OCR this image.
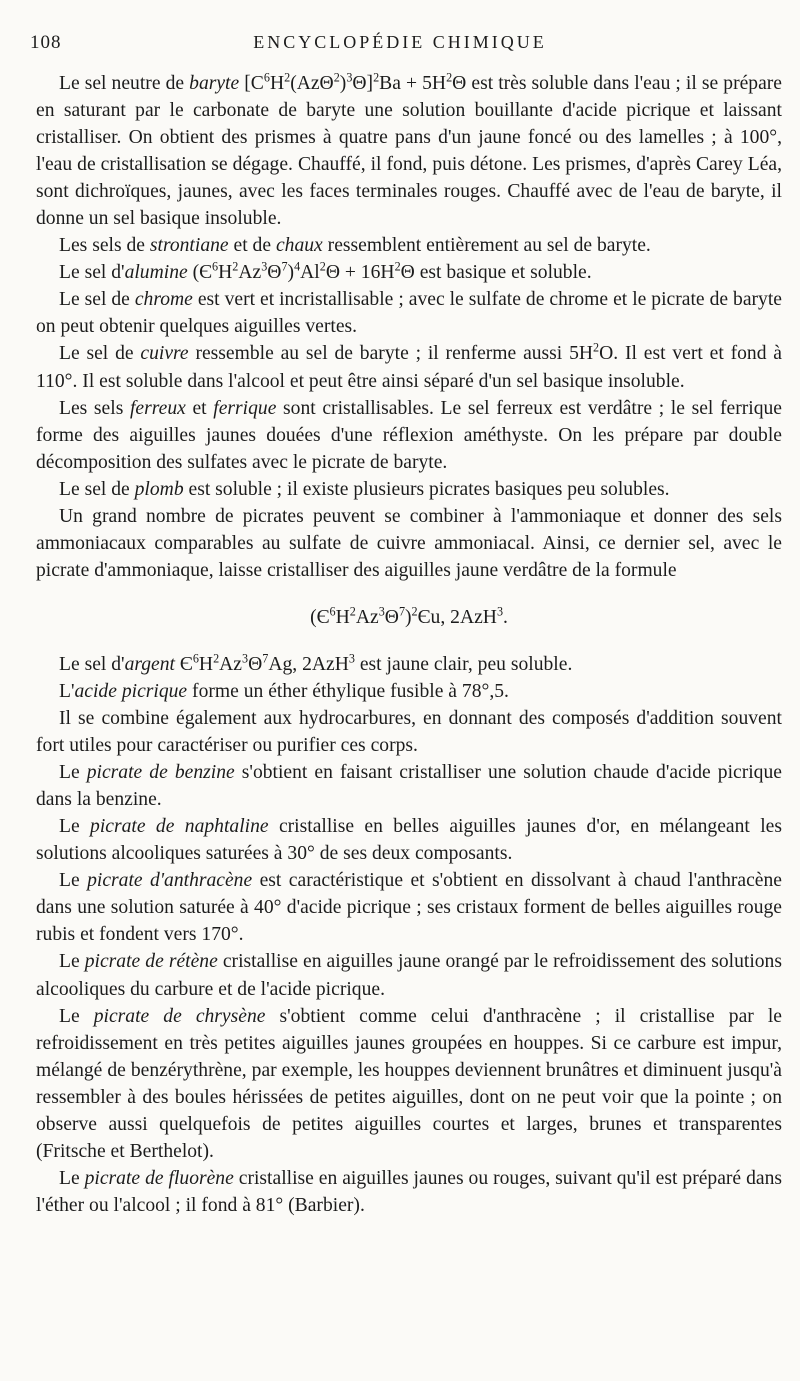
108	ENCYCLOPÉDIE CHIMIQUE

Le sel neutre de baryte $[C^6H^2(Az\Theta^2)^3\Theta]^2Ba + 5H^2\Theta$ est très soluble dans l'eau ; il se prépare en saturant par le carbonate de baryte une solution bouillante d'acide picrique et laissant cristalliser. On obtient des prismes à quatre pans d'un jaune foncé ou des lamelles ; à 100°, l'eau de cristallisation se dégage. Chauffé, il fond, puis détone. Les prismes, d'après Carey Léa, sont dichroïques, jaunes, avec les faces terminales rouges. Chauffé avec de l'eau de baryte, il donne un sel basique insoluble.

Les sels de strontiane et de chaux ressemblent entièrement au sel de baryte.

Le sel d'alumine $(Є^6H^2Az^3\Theta^7)^4Al^2\Theta + 16H^2\Theta$ est basique et soluble.

Le sel de chrome est vert et incristallisable ; avec le sulfate de chrome et le picrate de baryte on peut obtenir quelques aiguilles vertes.

Le sel de cuivre ressemble au sel de baryte ; il renferme aussi $5H^2O$. Il est vert et fond à 110°. Il est soluble dans l'alcool et peut être ainsi séparé d'un sel basique insoluble.

Les sels ferreux et ferrique sont cristallisables. Le sel ferreux est verdâtre ; le sel ferrique forme des aiguilles jaunes douées d'une réflexion améthyste. On les prépare par double décomposition des sulfates avec le picrate de baryte.

Le sel de plomb est soluble ; il existe plusieurs picrates basiques peu solubles.

Un grand nombre de picrates peuvent se combiner à l'ammoniaque et donner des sels ammoniacaux comparables au sulfate de cuivre ammoniacal. Ainsi, ce dernier sel, avec le picrate d'ammoniaque, laisse cristalliser des aiguilles jaune verdâtre de la formule

$(Є^6H^2Az^3\Theta^7)^2Єu$, 2AzH$^3$.

Le sel d'argent $Є^6H^2Az^3\Theta^7Ag$, 2AzH$^3$ est jaune clair, peu soluble.

L'acide picrique forme un éther éthylique fusible à 78°,5.

Il se combine également aux hydrocarbures, en donnant des composés d'addition souvent fort utiles pour caractériser ou purifier ces corps.

Le picrate de benzine s'obtient en faisant cristalliser une solution chaude d'acide picrique dans la benzine.

Le picrate de naphtaline cristallise en belles aiguilles jaunes d'or, en mélangeant les solutions alcooliques saturées à 30° de ses deux composants.

Le picrate d'anthracène est caractéristique et s'obtient en dissolvant à chaud l'anthracène dans une solution saturée à 40° d'acide picrique ; ses cristaux forment de belles aiguilles rouge rubis et fondent vers 170°.

Le picrate de rétène cristallise en aiguilles jaune orangé par le refroidissement des solutions alcooliques du carbure et de l'acide picrique.

Le picrate de chrysène s'obtient comme celui d'anthracène ; il cristallise par le refroidissement en très petites aiguilles jaunes groupées en houppes. Si ce carbure est impur, mélangé de benzérythrène, par exemple, les houppes deviennent brunâtres et diminuent jusqu'à ressembler à des boules hérissées de petites aiguilles, dont on ne peut voir que la pointe ; on observe aussi quelquefois de petites aiguilles courtes et larges, brunes et transparentes (Fritsche et Berthelot).

Le picrate de fluorène cristallise en aiguilles jaunes ou rouges, suivant qu'il est préparé dans l'éther ou l'alcool ; il fond à 81° (Barbier).
